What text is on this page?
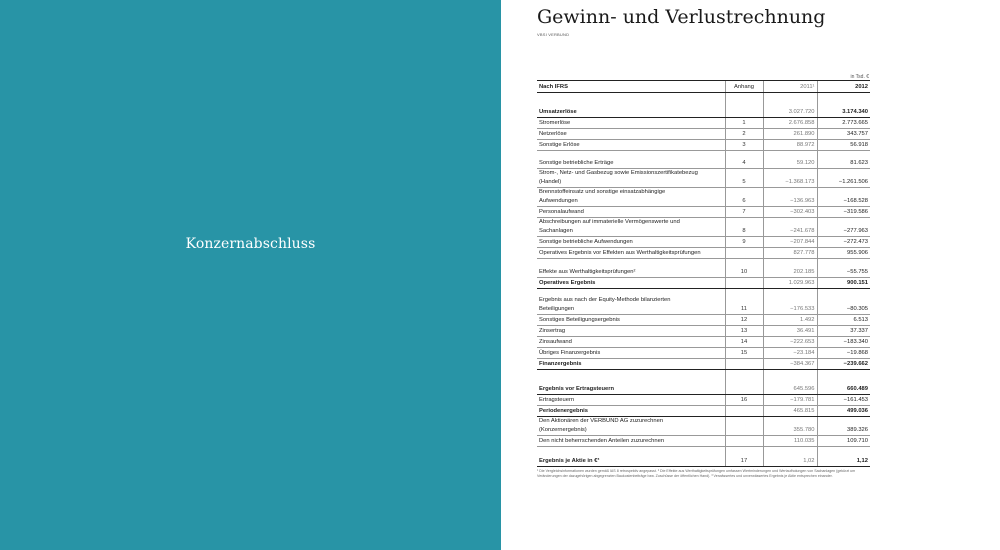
Konzernabschluss
Gewinn- und Verlustrechnung
VBSI VERBUND
in Tsd. €
Nach IFRS	Anhang	2011¹	2012

Umsatzerlöse		3.027.720	3.174.340
Stromerlöse	1	2.676.858	2.773.665
Netzerlöse	2	261.890	343.757
Sonstige Erlöse	3	88.972	56.918

Sonstige betriebliche Erträge	4	59.120	81.623

Strom-, Netz- und Gasbezug sowie Emissionszertifikatebezug
(Handel)	5	−1.368.173	−1.261.506

Brennstoffeinsatz und sonstige einsatzabhängige
Aufwendungen	6	−136.963	−168.528
Personalaufwand	7	−302.403	−319.586

Abschreibungen auf immaterielle Vermögenswerte und
Sachanlagen	8	−241.678	−277.963
Sonstige betriebliche Aufwendungen	9	−207.844	−272.473
Operatives Ergebnis vor Effekten aus Werthaltigkeitsprüfungen		827.778	955.906

Effekte aus Werthaltigkeitsprüfungen²	10	202.185	−55.755
Operatives Ergebnis		1.029.963	900.151

Ergebnis aus nach der Equity-Methode bilanzierten
Beteiligungen	11	−176.533	−80.305
Sonstiges Beteiligungsergebnis	12	1.492	6.513
Zinsertrag	13	36.491	37.337
Zinsaufwand	14	−222.653	−183.340
Übriges Finanzergebnis	15	−23.184	−19.868
Finanzergebnis		−384.367	−239.662

Ergebnis vor Ertragsteuern		645.596	660.489
Ertragsteuern	16	−179.781	−161.453
Periodenergebnis		465.815	499.036

Den Aktionären der VERBUND AG zuzurechnen
(Konzernergebnis)		355.780	389.326
Den nicht beherrschenden Anteilen zuzurechnen		110.035	109.710

Ergebnis je Aktie in €³	17	1,02	1,12
¹ Die Vergleichsinformationen wurden gemäß IAS 8 retrospektiv angepasst. ² Die Effekte aus Werthaltigkeitsprüfungen umfassen Wertminderungen und Wertaufholungen von Sachanlagen (gekürzt um Veränderungen der dazugehörigen abgegrenzten Baukostenbeiträge bzw. Zuschüsse der öffentlichen Hand). ³ Verwässertes und unverwässertes Ergebnis je Aktie entsprechen einander.
